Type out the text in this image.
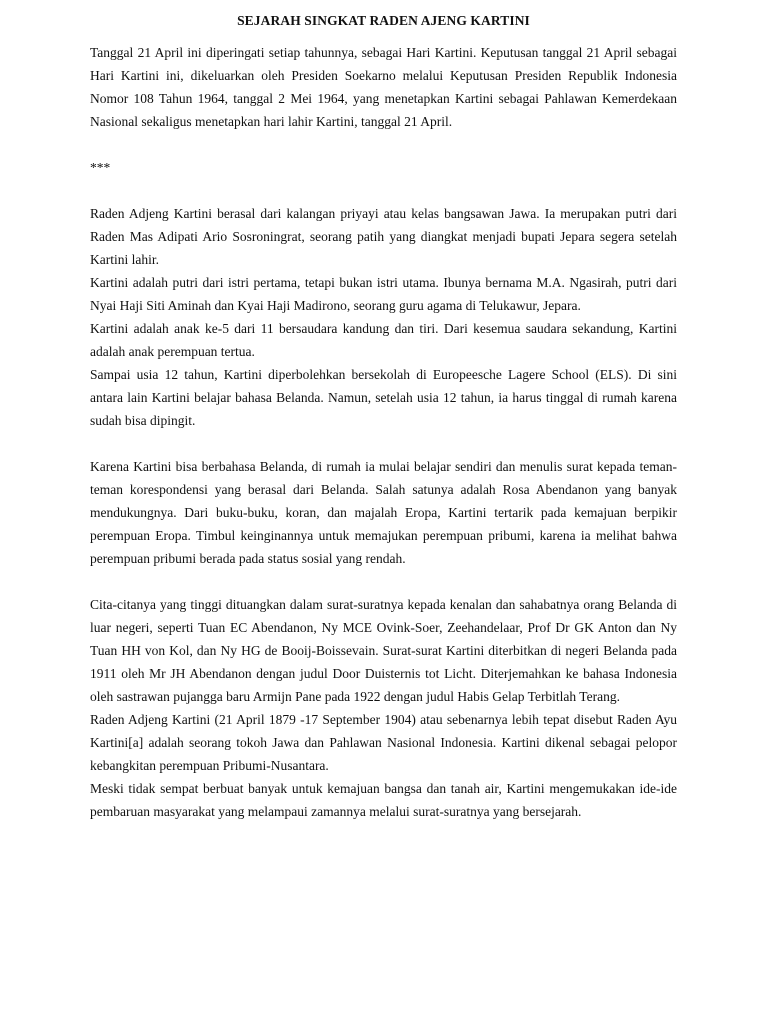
SEJARAH SINGKAT RADEN AJENG KARTINI

Tanggal 21 April ini diperingati setiap tahunnya, sebagai Hari Kartini. Keputusan tanggal 21 April sebagai Hari Kartini ini, dikeluarkan oleh Presiden Soekarno melalui Keputusan Presiden Republik Indonesia Nomor 108 Tahun 1964, tanggal 2 Mei 1964, yang menetapkan Kartini sebagai Pahlawan Kemerdekaan Nasional sekaligus menetapkan hari lahir Kartini, tanggal 21 April.

***

Raden Adjeng Kartini berasal dari kalangan priyayi atau kelas bangsawan Jawa. Ia merupakan putri dari Raden Mas Adipati Ario Sosroningrat, seorang patih yang diangkat menjadi bupati Jepara segera setelah Kartini lahir.

Kartini adalah putri dari istri pertama, tetapi bukan istri utama. Ibunya bernama M.A. Ngasirah, putri dari Nyai Haji Siti Aminah dan Kyai Haji Madirono, seorang guru agama di Telukawur, Jepara.

Kartini adalah anak ke-5 dari 11 bersaudara kandung dan tiri. Dari kesemua saudara sekandung, Kartini adalah anak perempuan tertua.

Sampai usia 12 tahun, Kartini diperbolehkan bersekolah di Europeesche Lagere School (ELS). Di sini antara lain Kartini belajar bahasa Belanda. Namun, setelah usia 12 tahun, ia harus tinggal di rumah karena sudah bisa dipingit.

Karena Kartini bisa berbahasa Belanda, di rumah ia mulai belajar sendiri dan menulis surat kepada teman-teman korespondensi yang berasal dari Belanda. Salah satunya adalah Rosa Abendanon yang banyak mendukungnya. Dari buku-buku, koran, dan majalah Eropa, Kartini tertarik pada kemajuan berpikir perempuan Eropa. Timbul keinginannya untuk memajukan perempuan pribumi, karena ia melihat bahwa perempuan pribumi berada pada status sosial yang rendah.

Cita-citanya yang tinggi dituangkan dalam surat-suratnya kepada kenalan dan sahabatnya orang Belanda di luar negeri, seperti Tuan EC Abendanon, Ny MCE Ovink-Soer, Zeehandelaar, Prof Dr GK Anton dan Ny Tuan HH von Kol, dan Ny HG de Booij-Boissevain. Surat-surat Kartini diterbitkan di negeri Belanda pada 1911 oleh Mr JH Abendanon dengan judul Door Duisternis tot Licht. Diterjemahkan ke bahasa Indonesia oleh sastrawan pujangga baru Armijn Pane pada 1922 dengan judul Habis Gelap Terbitlah Terang.

Raden Adjeng Kartini (21 April 1879 -17 September 1904) atau sebenarnya lebih tepat disebut Raden Ayu Kartini[a] adalah seorang tokoh Jawa dan Pahlawan Nasional Indonesia. Kartini dikenal sebagai pelopor kebangkitan perempuan Pribumi-Nusantara.

Meski tidak sempat berbuat banyak untuk kemajuan bangsa dan tanah air, Kartini mengemukakan ide-ide pembaruan masyarakat yang melampaui zamannya melalui surat-suratnya yang bersejarah.
